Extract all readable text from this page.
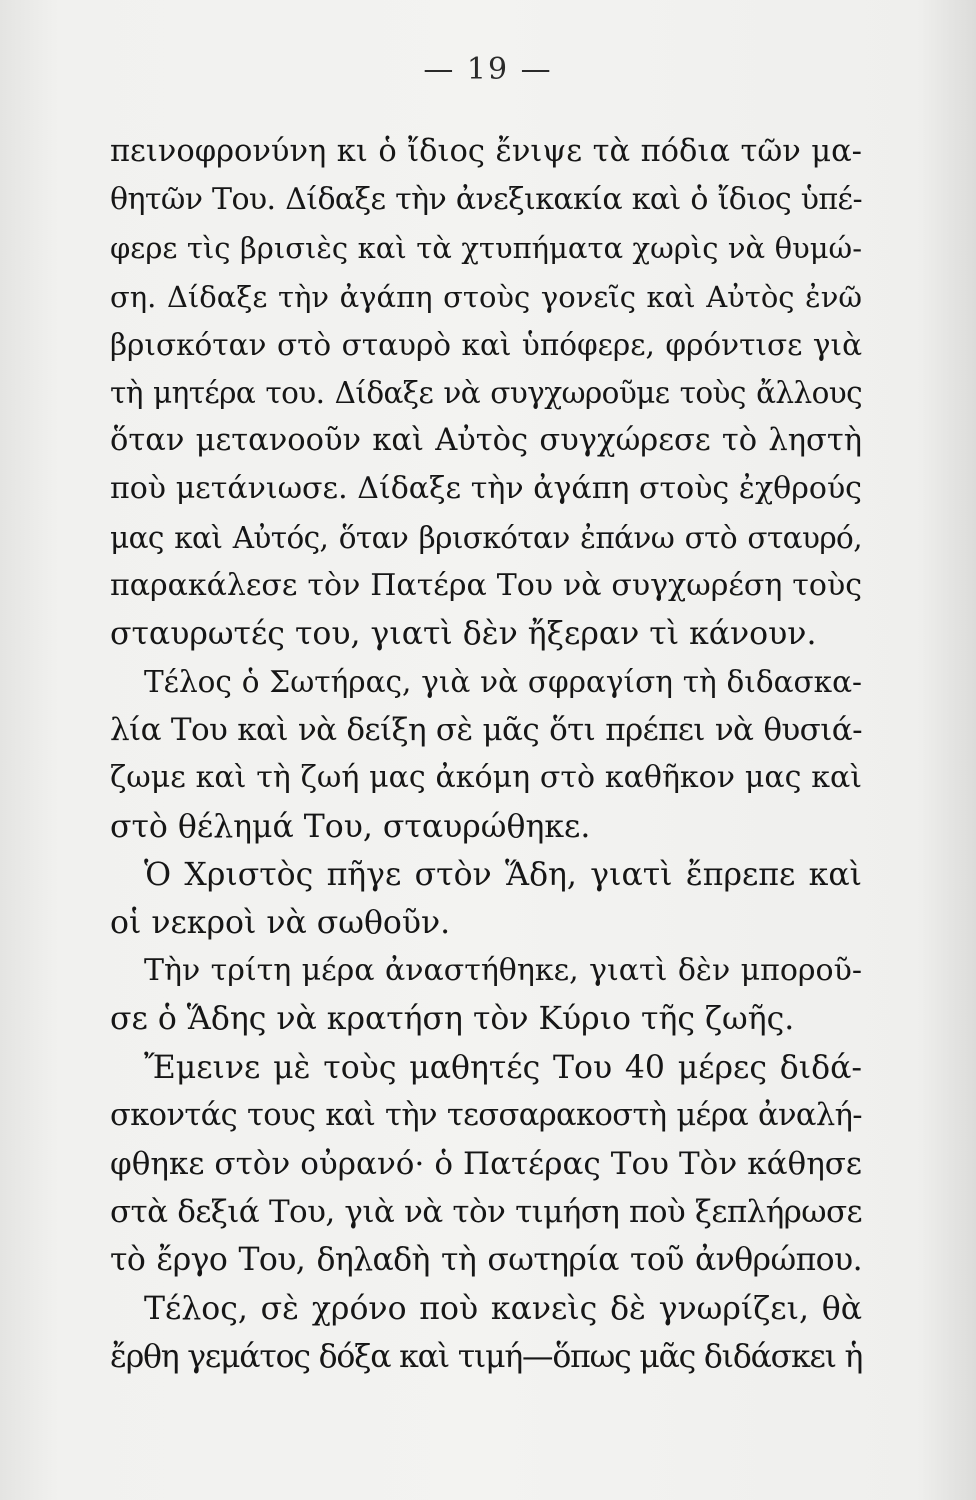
— 19 —
πεινοφρονύνη κι ὁ ἴδιος ἔνιψε τὰ πόδια τῶν μα-
θητῶν Του. Δίδαξε τὴν ἀνεξικακία καὶ ὁ ἴδιος ὑπέ-
φερε τὶς βρισιὲς καὶ τὰ χτυπήματα χωρὶς νὰ θυμώ-
ση. Δίδαξε τὴν ἀγάπη στοὺς γονεῖς καὶ Αὐτὸς ἐνῶ
βρισκόταν στὸ σταυρὸ καὶ ὑπόφερε, φρόντισε γιὰ
τὴ μητέρα του. Δίδαξε νὰ συγχωροῦμε τοὺς ἄλλους
ὅταν μετανοοῦν καὶ Αὐτὸς συγχώρεσε τὸ ληστὴ
ποὺ μετάνιωσε. Δίδαξε τὴν ἀγάπη στοὺς ἐχθρούς
μας καὶ Αὐτός, ὅταν βρισκόταν ἐπάνω στὸ σταυρό,
παρακάλεσε τὸν Πατέρα Του νὰ συγχωρέση τοὺς
σταυρωτές του, γιατὶ δὲν ἤξεραν τὶ κάνουν.
Τέλος ὁ Σωτήρας, γιὰ νὰ σφραγίση τὴ διδασκα-
λία Του καὶ νὰ δείξη σὲ μᾶς ὅτι πρέπει νὰ θυσιά-
ζωμε καὶ τὴ ζωή μας ἀκόμη στὸ καθῆκον μας καὶ
στὸ θέλημά Του, σταυρώθηκε.
Ὁ Χριστὸς πῆγε στὸν Ἅδη, γιατὶ ἔπρεπε καὶ
οἱ νεκροὶ νὰ σωθοῦν.
Τὴν τρίτη μέρα ἀναστήθηκε, γιατὶ δὲν μποροῦ-
σε ὁ Ἅδης νὰ κρατήση τὸν Κύριο τῆς ζωῆς.
Ἔμεινε μὲ τοὺς μαθητές Του 40 μέρες διδά-
σκοντάς τους καὶ τὴν τεσσαρακοστὴ μέρα ἀναλή-
φθηκε στὸν οὐρανό· ὁ Πατέρας Του Τὸν κάθησε
στὰ δεξιά Του, γιὰ νὰ τὸν τιμήση ποὺ ξεπλήρωσε
τὸ ἔργο Του, δηλαδὴ τὴ σωτηρία τοῦ ἀνθρώπου.
Τέλος, σὲ χρόνο ποὺ κανεὶς δὲ γνωρίζει, θὰ
ἔρθη γεμάτος δόξα καὶ τιμή—ὅπως μᾶς διδάσκει ἡ
